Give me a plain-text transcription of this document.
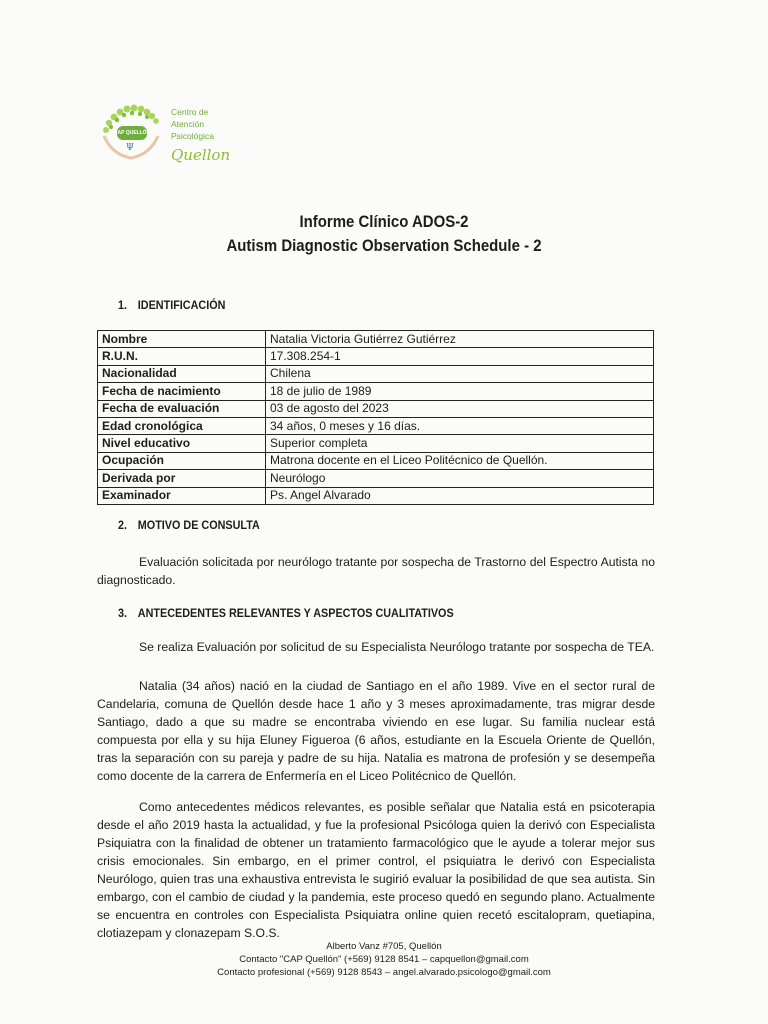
CAP QUELLÓN
Ψ
Centro de
Atención
Psicológica
Quellon
Informe Clínico ADOS-2
Autism Diagnostic Observation Schedule - 2
1. IDENTIFICACIÓN
Nombre	Natalia Victoria Gutiérrez Gutiérrez
R.U.N.	17.308.254-1
Nacionalidad	Chilena
Fecha de nacimiento	18 de julio de 1989
Fecha de evaluación	03 de agosto del 2023
Edad cronológica	34 años, 0 meses y 16 días.
Nivel educativo	Superior completa
Ocupación	Matrona docente en el Liceo Politécnico de Quellón.
Derivada por	Neurólogo
Examinador	Ps. Angel Alvarado
2. MOTIVO DE CONSULTA

Evaluación solicitada por neurólogo tratante por sospecha de Trastorno del Espectro Autista no diagnosticado.

3. ANTECEDENTES RELEVANTES Y ASPECTOS CUALITATIVOS

Se realiza Evaluación por solicitud de su Especialista Neurólogo tratante por sospecha de TEA.

Natalia (34 años) nació en la ciudad de Santiago en el año 1989. Vive en el sector rural de Candelaria, comuna de Quellón desde hace 1 año y 3 meses aproximadamente, tras migrar desde Santiago, dado a que su madre se encontraba viviendo en ese lugar. Su familia nuclear está compuesta por ella y su hija Eluney Figueroa (6 años, estudiante en la Escuela Oriente de Quellón, tras la separación con su pareja y padre de su hija. Natalia es matrona de profesión y se desempeña como docente de la carrera de Enfermería en el Liceo Politécnico de Quellón.

Como antecedentes médicos relevantes, es posible señalar que Natalia está en psicoterapia desde el año 2019 hasta la actualidad, y fue la profesional Psicóloga quien la derivó con Especialista Psiquiatra con la finalidad de obtener un tratamiento farmacológico que le ayude a tolerar mejor sus crisis emocionales. Sin embargo, en el primer control, el psiquiatra le derivó con Especialista Neurólogo, quien tras una exhaustiva entrevista le sugirió evaluar la posibilidad de que sea autista. Sin embargo, con el cambio de ciudad y la pandemia, este proceso quedó en segundo plano. Actualmente se encuentra en controles con Especialista Psiquiatra online quien recetó escitalopram, quetiapina, clotiazepam y clonazepam S.O.S.

Alberto Vanz #705, Quellón
Contacto "CAP Quellón" (+569) 9128 8541 – capquellon@gmail.com
Contacto profesional (+569) 9128 8543 – angel.alvarado.psicologo@gmail.com
